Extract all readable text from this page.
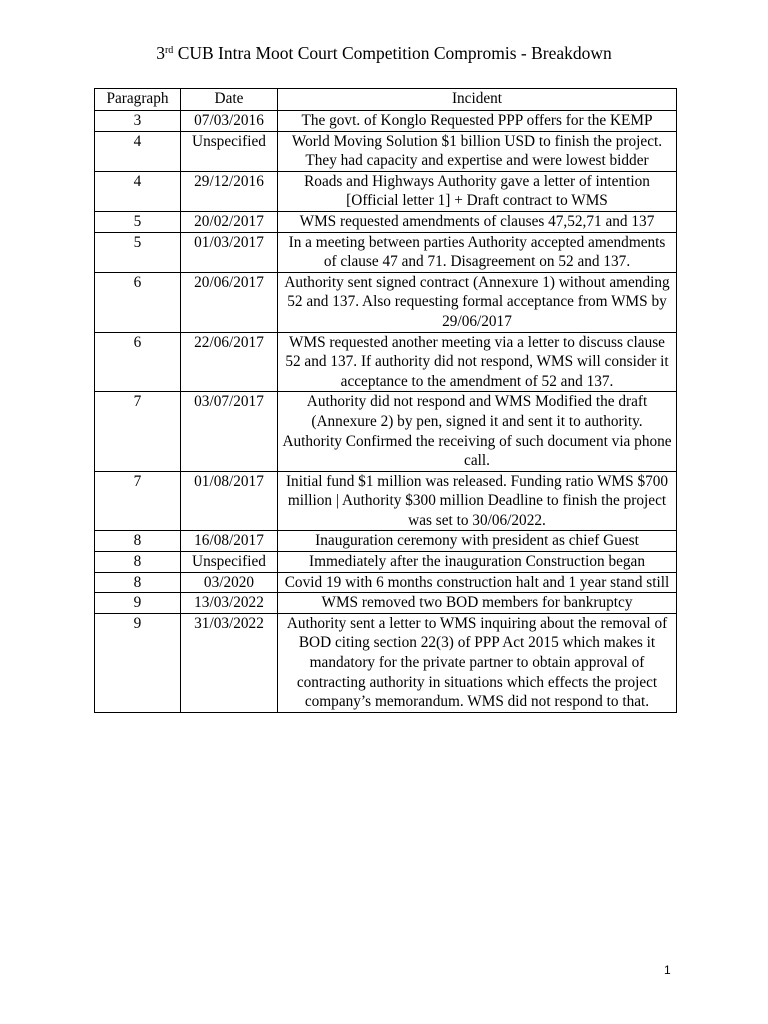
3rd CUB Intra Moot Court Competition Compromis - Breakdown
Paragraph	Date	Incident
3	07/03/2016	The govt. of Konglo Requested PPP offers for the KEMP
4	Unspecified	World Moving Solution $1 billion USD to finish the project. They had capacity and expertise and were lowest bidder
4	29/12/2016	Roads and Highways Authority gave a letter of intention [Official letter 1] + Draft contract to WMS
5	20/02/2017	WMS requested amendments of clauses 47,52,71 and 137
5	01/03/2017	In a meeting between parties Authority accepted amendments of clause 47 and 71. Disagreement on 52 and 137.
6	20/06/2017	Authority sent signed contract (Annexure 1) without amending 52 and 137. Also requesting formal acceptance from WMS by 29/06/2017
6	22/06/2017	WMS requested another meeting via a letter to discuss clause 52 and 137. If authority did not respond, WMS will consider it acceptance to the amendment of 52 and 137.
7	03/07/2017	Authority did not respond and WMS Modified the draft (Annexure 2) by pen, signed it and sent it to authority. Authority Confirmed the receiving of such document via phone call.
7	01/08/2017	Initial fund $1 million was released. Funding ratio WMS $700 million | Authority $300 million Deadline to finish the project was set to 30/06/2022.
8	16/08/2017	Inauguration ceremony with president as chief Guest
8	Unspecified	Immediately after the inauguration Construction began
8	03/2020	Covid 19 with 6 months construction halt and 1 year stand still
9	13/03/2022	WMS removed two BOD members for bankruptcy
9	31/03/2022	Authority sent a letter to WMS inquiring about the removal of BOD citing section 22(3) of PPP Act 2015 which makes it mandatory for the private partner to obtain approval of contracting authority in situations which effects the project company’s memorandum. WMS did not respond to that.
1
